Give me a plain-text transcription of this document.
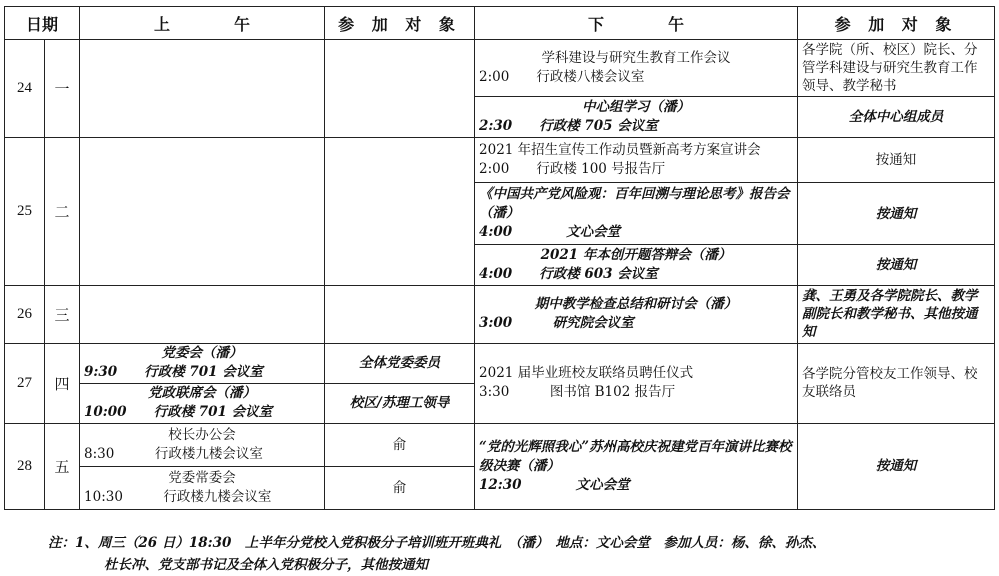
日期		上　　　　午	参 加 对 象	下　　　　午	参 加 对 象
24	一			学科建设与研究生教育工作会议
2:00　　行政楼八楼会议室	各学院（所、校区）院长、分管学科建设与研究生教育工作领导、教学秘书

				中心组学习（潘）
2:30　　行政楼 705 会议室	全体中心组成员
25	二			2021 年招生宣传工作动员暨新高考方案宣讲会
2:00　　行政楼 100 号报告厅	按通知

				《中国共产党风险观：百年回溯与理论思考》报告会（潘）
4:00　　　　文心会堂	按通知

				2021 年本创开题答辩会（潘）
4:00　　行政楼 603 会议室	按通知
26	三			期中教学检查总结和研讨会（潘）
3:00　　　研究院会议室	龚、王勇及各学院院长、教学副院长和教学秘书、其他按通知
27	四	党委会（潘）
9:30　　行政楼 701 会议室	全体党委委员	2021 届毕业班校友联络员聘任仪式
3:30　　　图书馆 B102 报告厅	各学院分管校友工作领导、校友联络员

		党政联席会（潘）
10:00　　行政楼 701 会议室	校区/苏理工领导		
28	五	校长办公会
8:30　　　行政楼九楼会议室	俞	“党的光辉照我心”苏州高校庆祝建党百年演讲比赛校级决赛（潘）
12:30　　　　文心会堂	按通知

		党委常委会
10:30　　　行政楼九楼会议室	俞		
注：1、周三（26 日）18:30　上半年分党校入党积极分子培训班开班典礼　（潘）　地点：文心会堂　参加人员：杨、徐、孙杰、
杜长冲、党支部书记及全体入党积极分子，其他按通知
